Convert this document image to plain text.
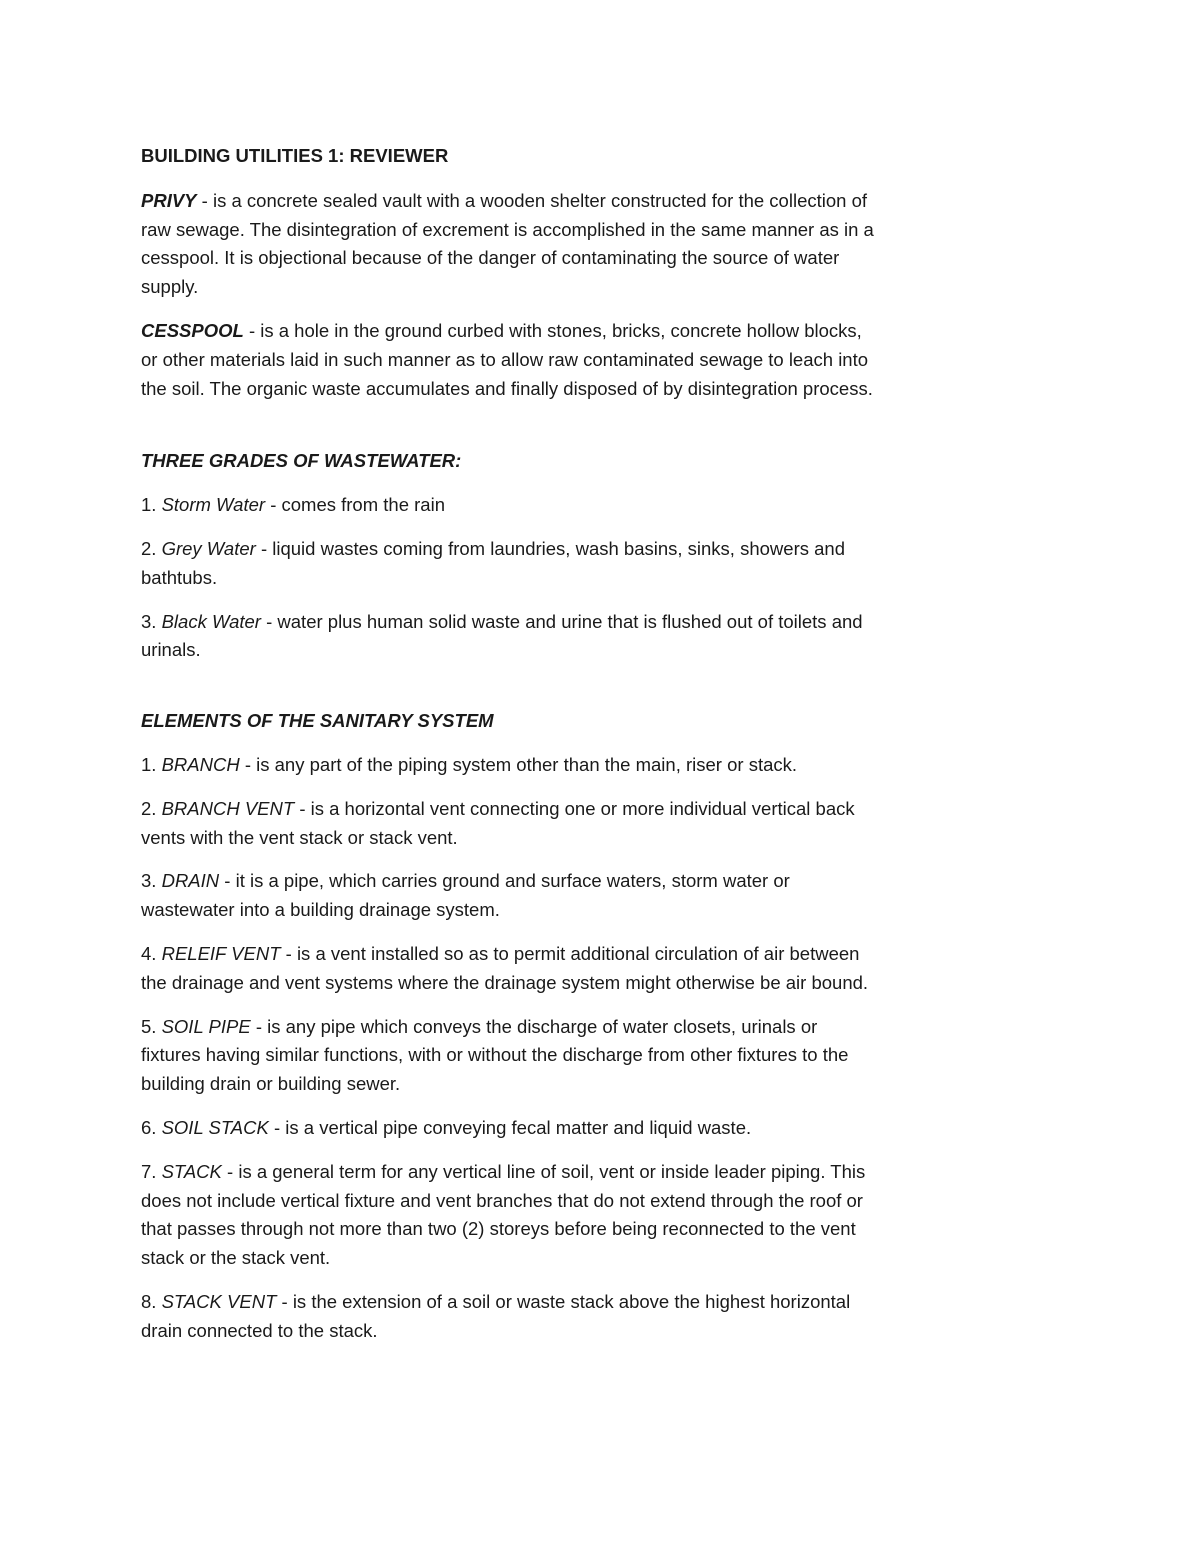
BUILDING UTILITIES 1: REVIEWER

PRIVY - is a concrete sealed vault with a wooden shelter constructed for the collection of raw sewage. The disintegration of excrement is accomplished in the same manner as in a cesspool. It is objectional because of the danger of contaminating the source of water supply.

CESSPOOL - is a hole in the ground curbed with stones, bricks, concrete hollow blocks, or other materials laid in such manner as to allow raw contaminated sewage to leach into the soil. The organic waste accumulates and finally disposed of by disintegration process.

THREE GRADES OF WASTEWATER:

1. Storm Water - comes from the rain

2. Grey Water - liquid wastes coming from laundries, wash basins, sinks, showers and bathtubs.

3. Black Water - water plus human solid waste and urine that is flushed out of toilets and urinals.

ELEMENTS OF THE SANITARY SYSTEM

1. BRANCH - is any part of the piping system other than the main, riser or stack.

2. BRANCH VENT - is a horizontal vent connecting one or more individual vertical back vents with the vent stack or stack vent.

3. DRAIN - it is a pipe, which carries ground and surface waters, storm water or wastewater into a building drainage system.

4. RELEIF VENT - is a vent installed so as to permit additional circulation of air between the drainage and vent systems where the drainage system might otherwise be air bound.

5. SOIL PIPE - is any pipe which conveys the discharge of water closets, urinals or fixtures having similar functions, with or without the discharge from other fixtures to the building drain or building sewer.

6. SOIL STACK - is a vertical pipe conveying fecal matter and liquid waste.

7. STACK - is a general term for any vertical line of soil, vent or inside leader piping. This does not include vertical fixture and vent branches that do not extend through the roof or that passes through not more than two (2) storeys before being reconnected to the vent stack or the stack vent.

8. STACK VENT - is the extension of a soil or waste stack above the highest horizontal drain connected to the stack.
